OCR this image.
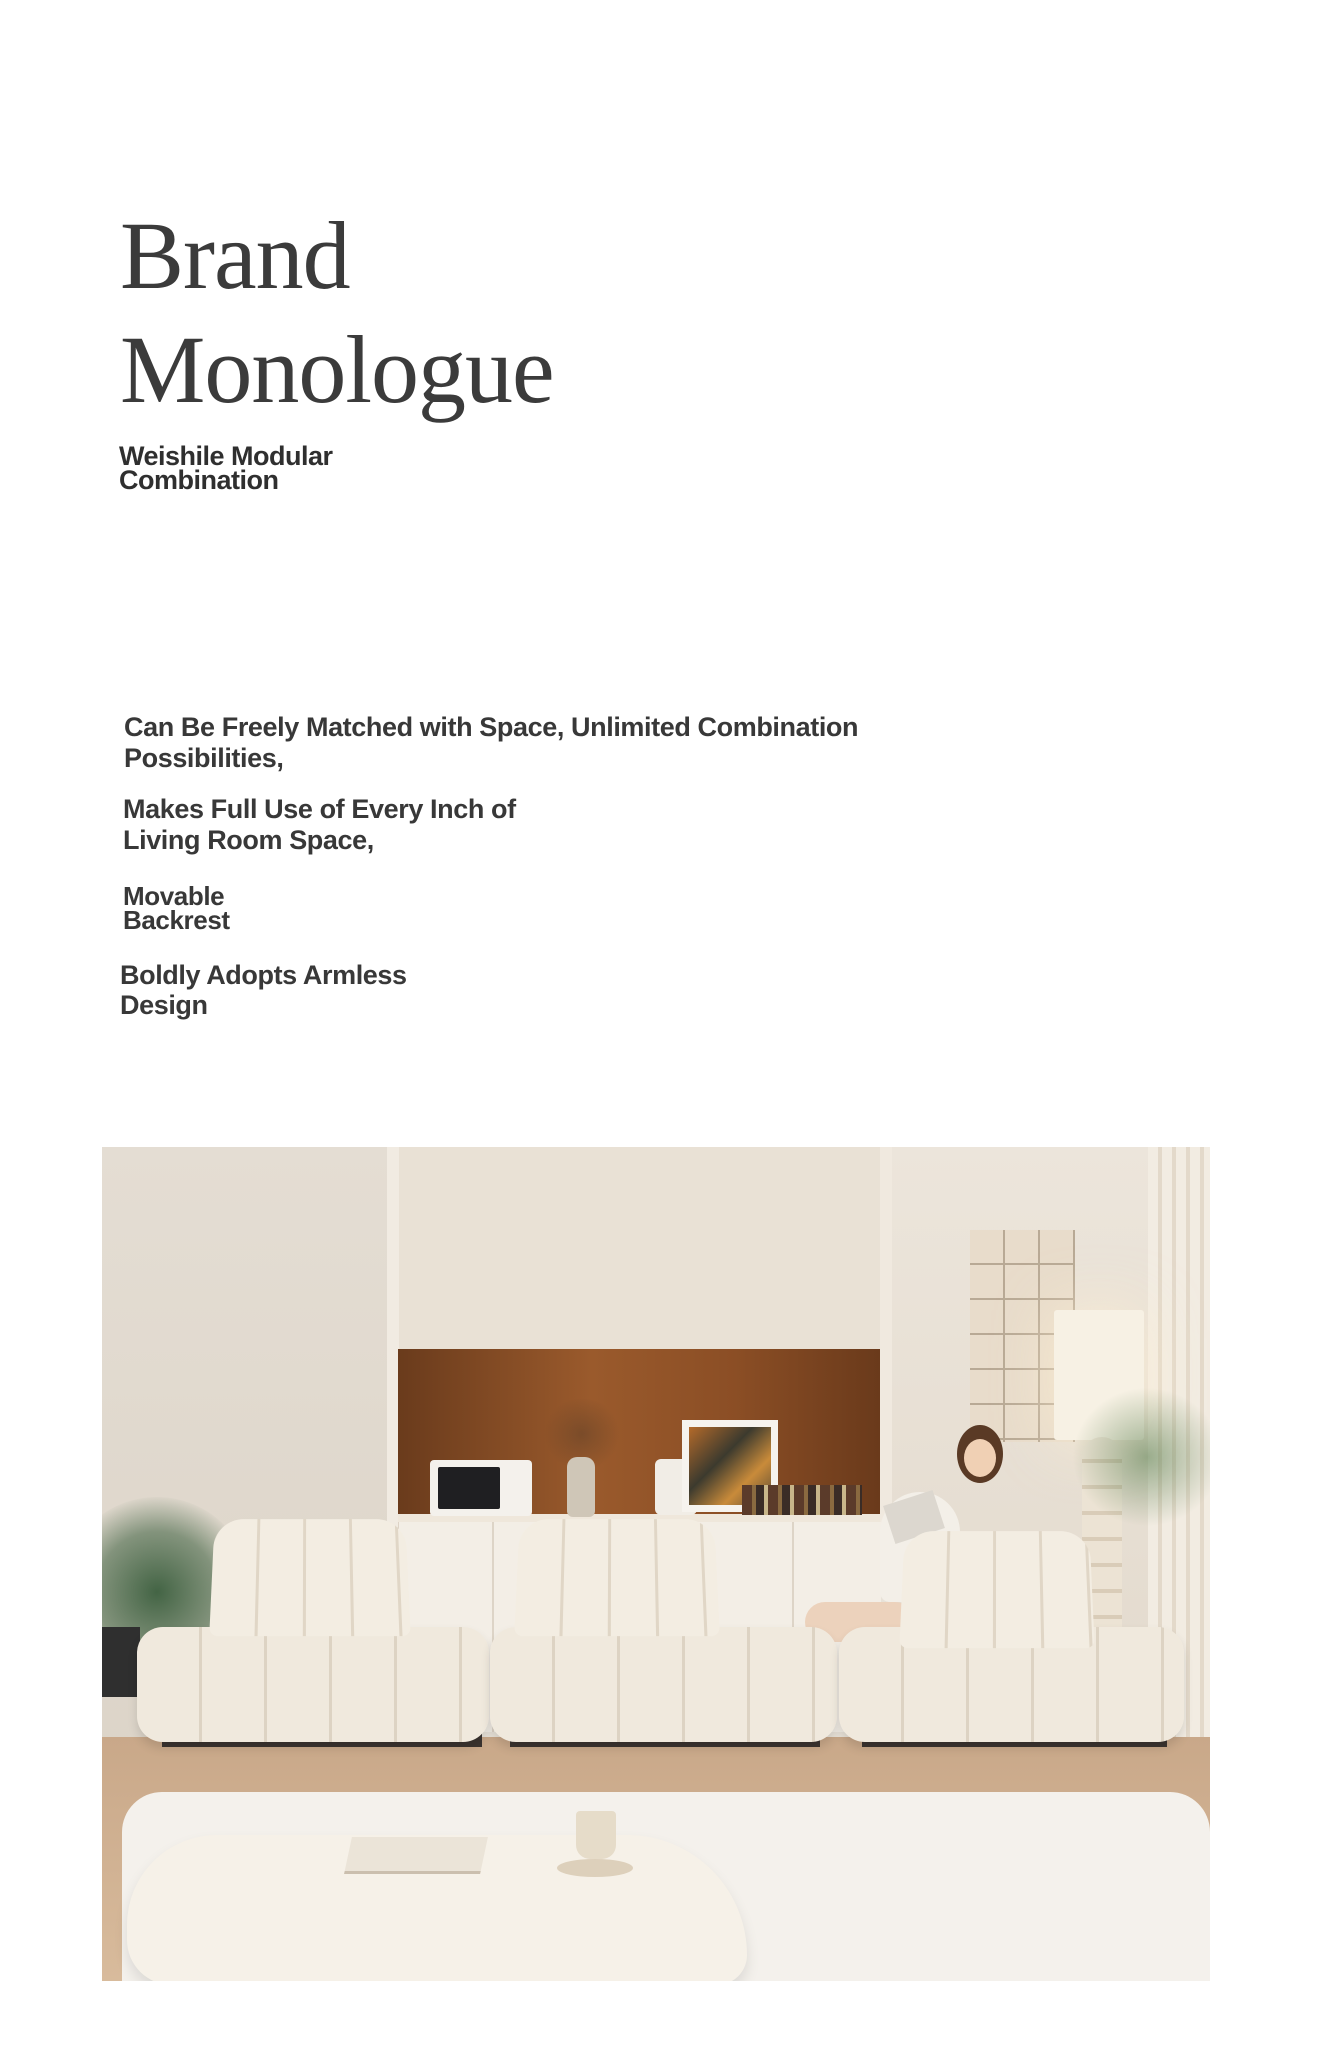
Brand
Monologue
Weishile Modular
Combination
Can Be Freely Matched with Space, Unlimited Combination
Possibilities,
Makes Full Use of Every Inch of
Living Room Space,
Movable
Backrest
Boldly Adopts Armless
Design
